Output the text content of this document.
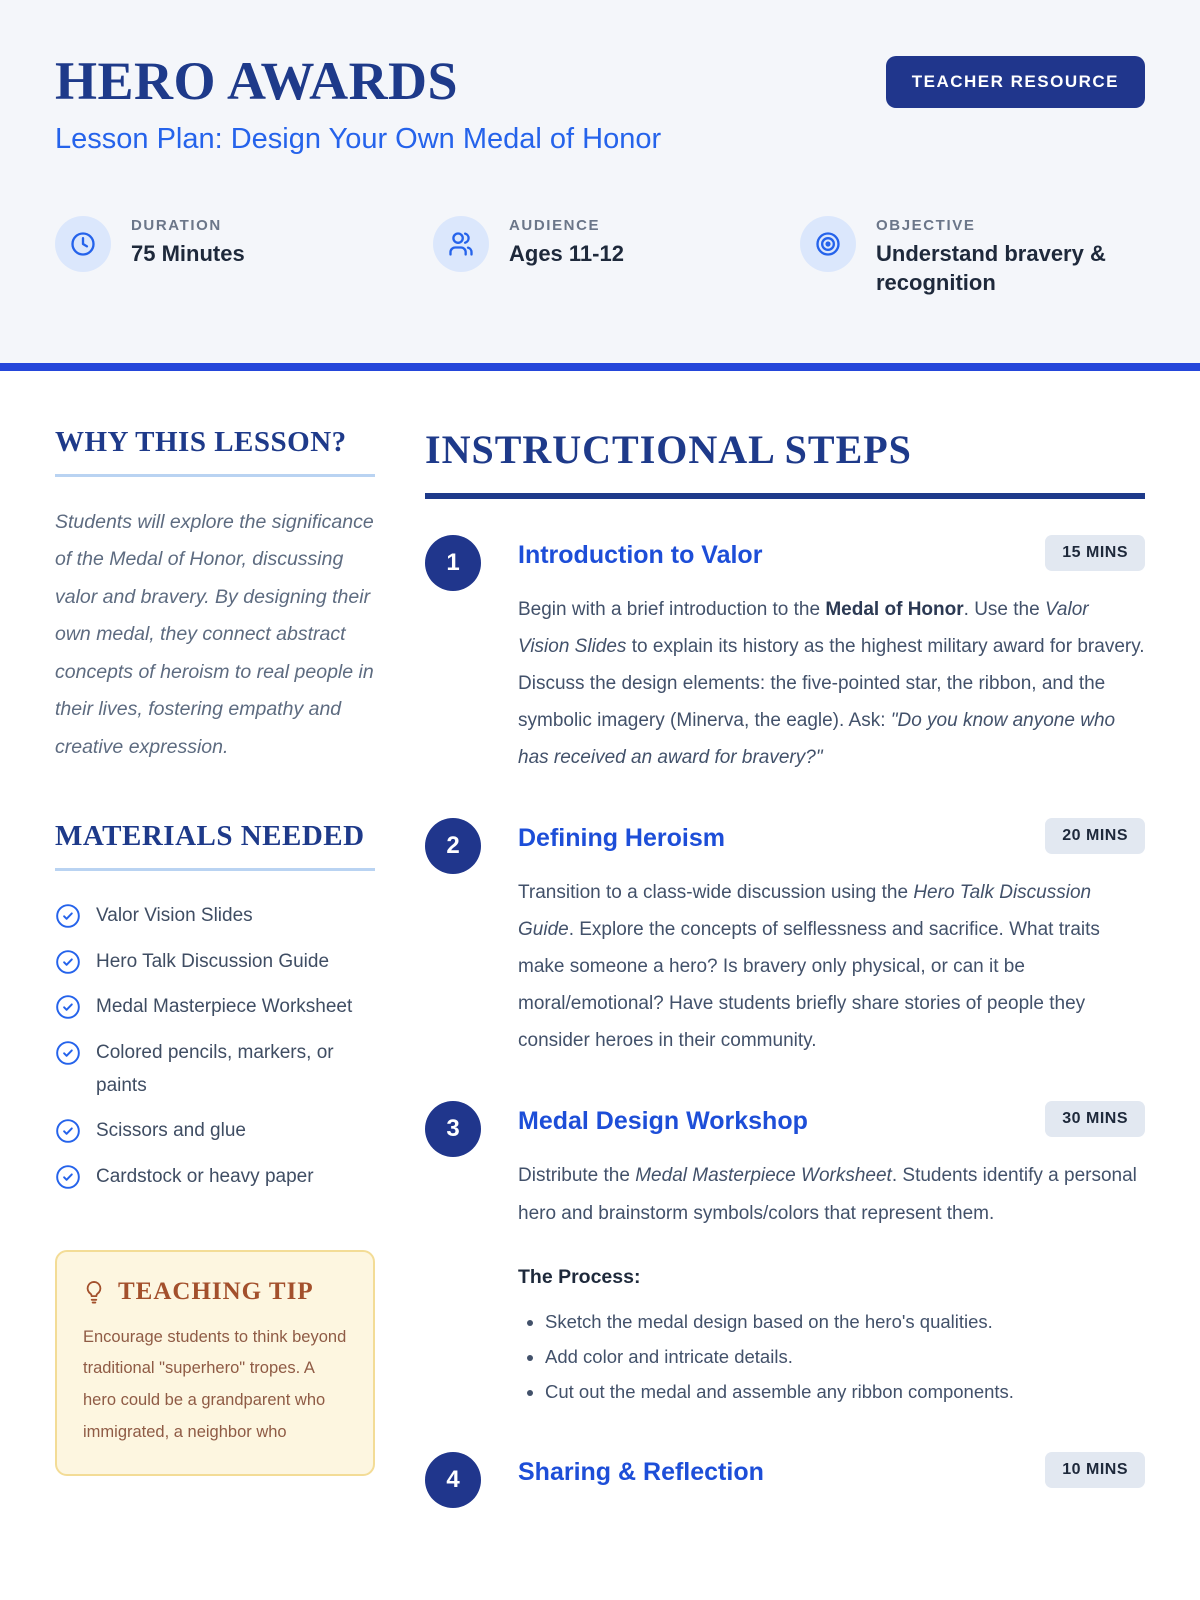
HERO AWARDS
Lesson Plan: Design Your Own Medal of Honor
TEACHER RESOURCE
DURATION
75 Minutes
AUDIENCE
Ages 11-12
OBJECTIVE
Understand bravery & recognition
WHY THIS LESSON?

Students will explore the significance of the Medal of Honor, discussing valor and bravery. By designing their own medal, they connect abstract concepts of heroism to real people in their lives, fostering empathy and creative expression.

MATERIALS NEEDED
Valor Vision Slides
Hero Talk Discussion Guide
Medal Masterpiece Worksheet
Colored pencils, markers, or paints
Scissors and glue
Cardstock or heavy paper
TEACHING TIP

Encourage students to think beyond traditional "superhero" tropes. A hero could be a grandparent who immigrated, a neighbor who

INSTRUCTIONAL STEPS
1	Introduction to Valor	15 MINS

Begin with a brief introduction to the Medal of Honor. Use the Valor Vision Slides to explain its history as the highest military award for bravery. Discuss the design elements: the five-pointed star, the ribbon, and the symbolic imagery (Minerva, the eagle). Ask: "Do you know anyone who has received an award for bravery?"

2	Defining Heroism	20 MINS

Transition to a class-wide discussion using the Hero Talk Discussion Guide. Explore the concepts of selflessness and sacrifice. What traits make someone a hero? Is bravery only physical, or can it be moral/emotional? Have students briefly share stories of people they consider heroes in their community.

3	Medal Design Workshop	30 MINS

Distribute the Medal Masterpiece Worksheet. Students identify a personal hero and brainstorm symbols/colors that represent them.

The Process:
• Sketch the medal design based on the hero's qualities.
• Add color and intricate details.
• Cut out the medal and assemble any ribbon components.
4	Sharing & Reflection	10 MINS
